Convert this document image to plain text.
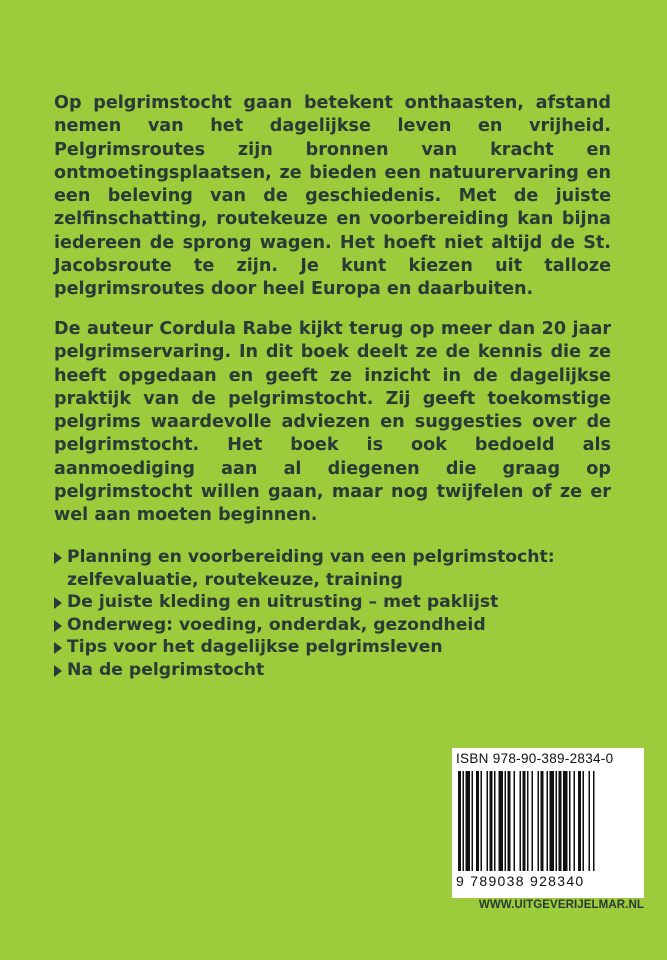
Op pelgrimstocht gaan betekent onthaasten, afstand nemen van het dagelijkse leven en vrijheid. Pelgrimsroutes zijn bronnen van kracht en ontmoetingsplaatsen, ze bieden een natuurervaring en een beleving van de geschiedenis. Met de juiste zelfinschatting, routekeuze en voorbereiding kan bijna iedereen de sprong wagen. Het hoeft niet altijd de St. Jacobsroute te zijn. Je kunt kiezen uit talloze pelgrimsroutes door heel Europa en daarbuiten.

De auteur Cordula Rabe kijkt terug op meer dan 20 jaar pelgrimservaring. In dit boek deelt ze de kennis die ze heeft opgedaan en geeft ze inzicht in de dagelijkse praktijk van de pelgrimstocht. Zij geeft toekomstige pelgrims waardevolle adviezen en suggesties over de pelgrimstocht. Het boek is ook bedoeld als aanmoediging aan al diegenen die graag op pelgrimstocht willen gaan, maar nog twijfelen of ze er wel aan moeten beginnen.

Planning en voorbereiding van een pelgrimstocht:
zelfevaluatie, routekeuze, training
De juiste kleding en uitrusting – met paklijst
Onderweg: voeding, onderdak, gezondheid
Tips voor het dagelijkse pelgrimsleven
Na de pelgrimstocht
ISBN 978-90-389-2834-0
9 789038 928340
WWW.UITGEVERIJELMAR.NL
